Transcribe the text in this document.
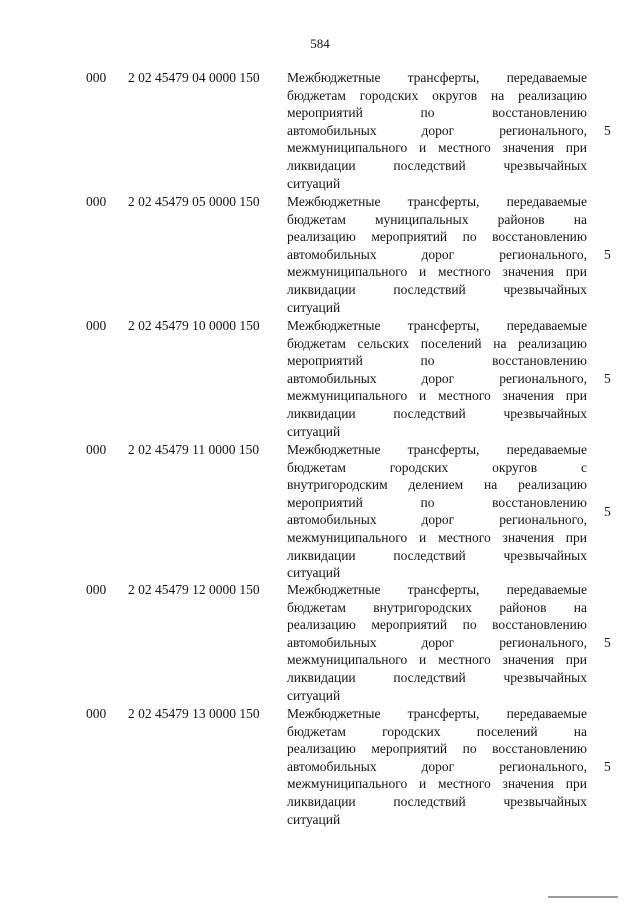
584
000	2 02 45479 04 0000 150	Межбюджетные трансферты, передаваемые
бюджетам городских округов на реализацию
мероприятий по восстановлению
автомобильных дорог регионального,
межмуниципального и местного значения при
ликвидации последствий чрезвычайных
ситуаций
5
000	2 02 45479 05 0000 150	Межбюджетные трансферты, передаваемые
бюджетам муниципальных районов на
реализацию мероприятий по восстановлению
автомобильных дорог регионального,
межмуниципального и местного значения при
ликвидации последствий чрезвычайных
ситуаций
5
000	2 02 45479 10 0000 150	Межбюджетные трансферты, передаваемые
бюджетам сельских поселений на реализацию
мероприятий по восстановлению
автомобильных дорог регионального,
межмуниципального и местного значения при
ликвидации последствий чрезвычайных
ситуаций
5
000	2 02 45479 11 0000 150	Межбюджетные трансферты, передаваемые
бюджетам городских округов с
внутригородским делением на реализацию
мероприятий по восстановлению
автомобильных дорог регионального,
межмуниципального и местного значения при
ликвидации последствий чрезвычайных
ситуаций
5
000	2 02 45479 12 0000 150	Межбюджетные трансферты, передаваемые
бюджетам внутригородских районов на
реализацию мероприятий по восстановлению
автомобильных дорог регионального,
межмуниципального и местного значения при
ликвидации последствий чрезвычайных
ситуаций
5
000	2 02 45479 13 0000 150	Межбюджетные трансферты, передаваемые
бюджетам городских поселений на
реализацию мероприятий по восстановлению
автомобильных дорог регионального,
межмуниципального и местного значения при
ликвидации последствий чрезвычайных
ситуаций
5
